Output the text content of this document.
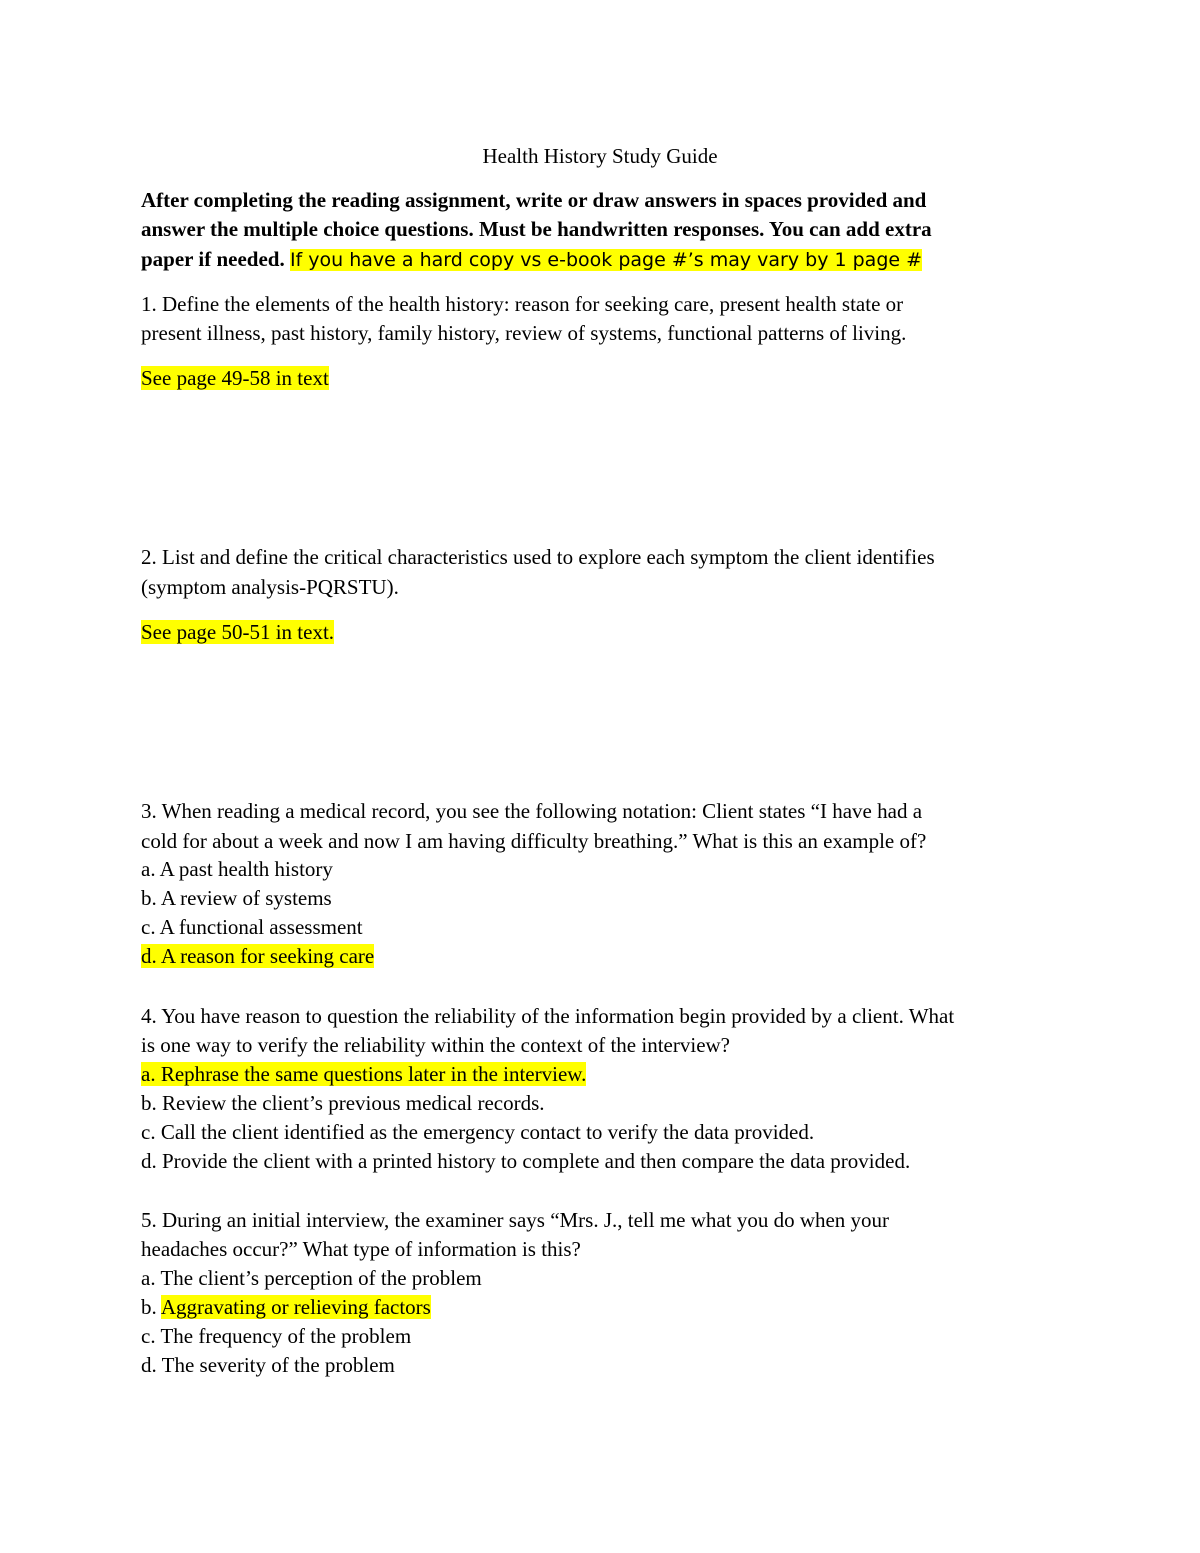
Health History Study Guide

After completing the reading assignment, write or draw answers in spaces provided and

answer the multiple choice questions. Must be handwritten responses. You can add extra

paper if needed. If you have a hard copy vs e-book page #’s may vary by 1 page #

1. Define the elements of the health history: reason for seeking care, present health state or

present illness, past history, family history, review of systems, functional patterns of living.

See page 49-58 in text

2. List and define the critical characteristics used to explore each symptom the client identifies

(symptom analysis-PQRSTU).

See page 50-51 in text.

3. When reading a medical record, you see the following notation: Client states “I have had a

cold for about a week and now I am having difficulty breathing.” What is this an example of?

a. A past health history

b. A review of systems

c. A functional assessment

d. A reason for seeking care

4. You have reason to question the reliability of the information begin provided by a client. What

is one way to verify the reliability within the context of the interview?

a. Rephrase the same questions later in the interview.

b. Review the client’s previous medical records.

c. Call the client identified as the emergency contact to verify the data provided.

d. Provide the client with a printed history to complete and then compare the data provided.

5. During an initial interview, the examiner says “Mrs. J., tell me what you do when your

headaches occur?” What type of information is this?

a. The client’s perception of the problem

b. Aggravating or relieving factors

c. The frequency of the problem

d. The severity of the problem
